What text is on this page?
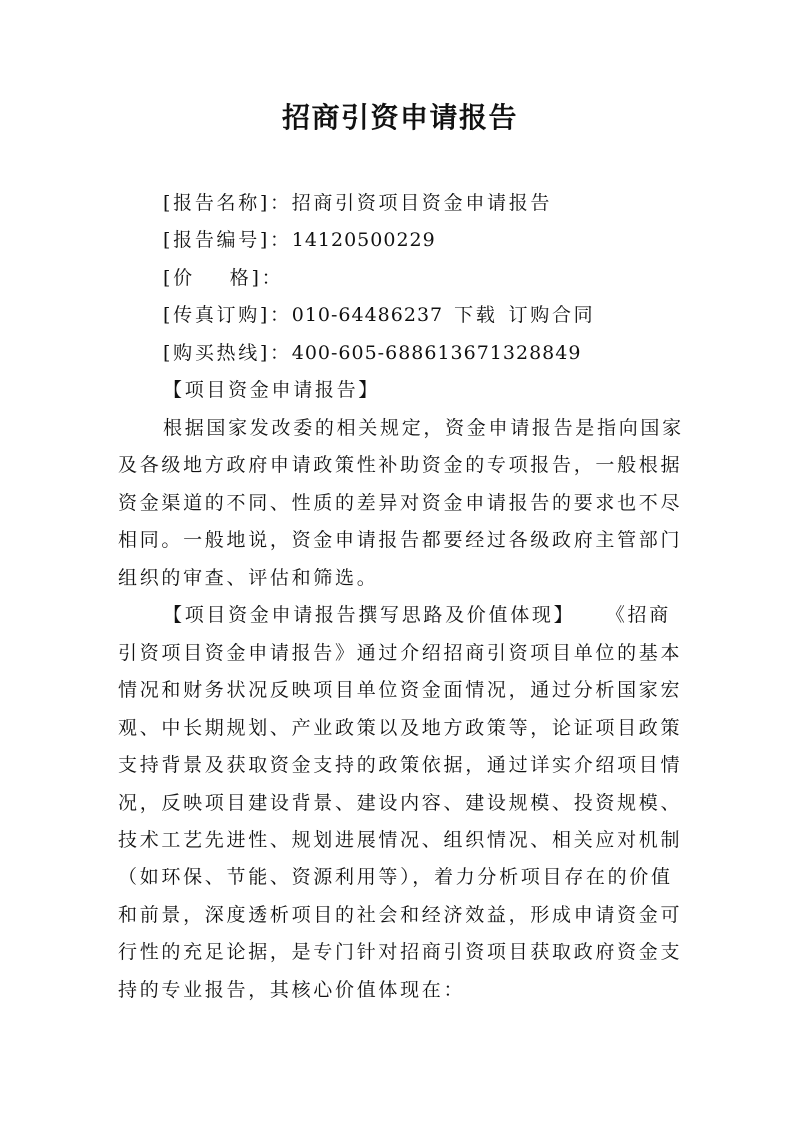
招商引资申请报告
[报告名称]：招商引资项目资金申请报告
[报告编号]：14120500229
[价    格]：
[传真订购]：010-64486237 下载 订购合同
[购买热线]：400-605-688613671328849
【项目资金申请报告】
根据国家发改委的相关规定，资金申请报告是指向国家
及各级地方政府申请政策性补助资金的专项报告，一般根据
资金渠道的不同、性质的差异对资金申请报告的要求也不尽
相同。一般地说，资金申请报告都要经过各级政府主管部门
组织的审查、评估和筛选。
【项目资金申请报告撰写思路及价值体现】 《招商
引资项目资金申请报告》通过介绍招商引资项目单位的基本
情况和财务状况反映项目单位资金面情况，通过分析国家宏
观、中长期规划、产业政策以及地方政策等，论证项目政策
支持背景及获取资金支持的政策依据，通过详实介绍项目情
况，反映项目建设背景、建设内容、建设规模、投资规模、
技术工艺先进性、规划进展情况、组织情况、相关应对机制
（如环保、节能、资源利用等），着力分析项目存在的价值
和前景，深度透析项目的社会和经济效益，形成申请资金可
行性的充足论据，是专门针对招商引资项目获取政府资金支
持的专业报告，其核心价值体现在：
